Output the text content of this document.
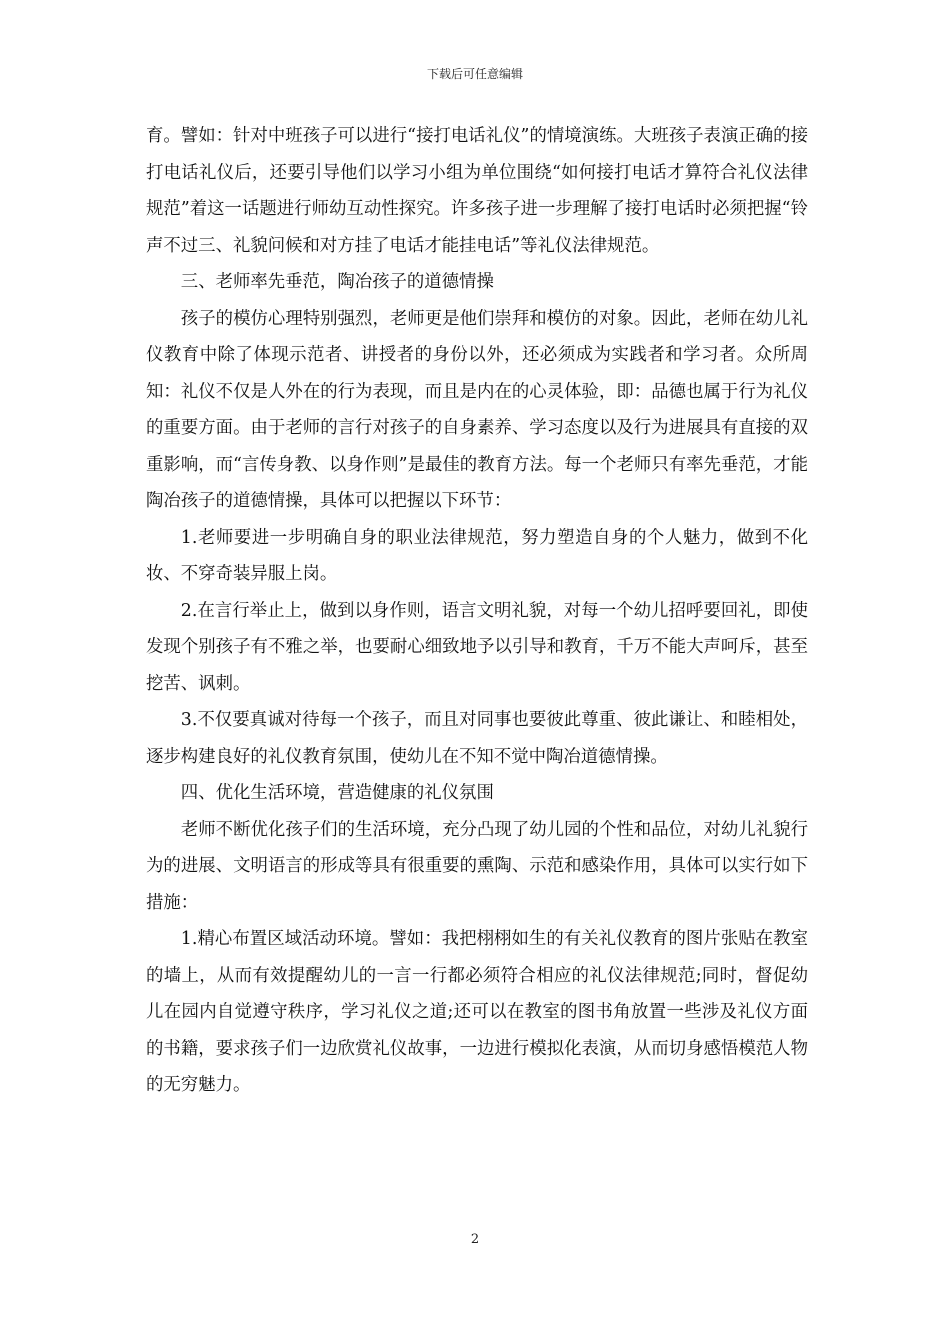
下载后可任意编辑

育。譬如：针对中班孩子可以进行“接打电话礼仪”的情境演练。大班孩子表演正确的接打电话礼仪后，还要引导他们以学习小组为单位围绕“如何接打电话才算符合礼仪法律规范”着这一话题进行师幼互动性探究。许多孩子进一步理解了接打电话时必须把握“铃声不过三、礼貌问候和对方挂了电话才能挂电话”等礼仪法律规范。

三、老师率先垂范，陶冶孩子的道德情操

孩子的模仿心理特别强烈，老师更是他们崇拜和模仿的对象。因此，老师在幼儿礼仪教育中除了体现示范者、讲授者的身份以外，还必须成为实践者和学习者。众所周知：礼仪不仅是人外在的行为表现，而且是内在的心灵体验，即：品德也属于行为礼仪的重要方面。由于老师的言行对孩子的自身素养、学习态度以及行为进展具有直接的双重影响，而“言传身教、以身作则”是最佳的教育方法。每一个老师只有率先垂范，才能陶冶孩子的道德情操，具体可以把握以下环节：

1.老师要进一步明确自身的职业法律规范，努力塑造自身的个人魅力，做到不化妆、不穿奇装异服上岗。

2.在言行举止上，做到以身作则，语言文明礼貌，对每一个幼儿招呼要回礼，即使发现个别孩子有不雅之举，也要耐心细致地予以引导和教育，千万不能大声呵斥，甚至挖苦、讽刺。

3.不仅要真诚对待每一个孩子，而且对同事也要彼此尊重、彼此谦让、和睦相处，逐步构建良好的礼仪教育氛围，使幼儿在不知不觉中陶冶道德情操。

四、优化生活环境，营造健康的礼仪氛围

老师不断优化孩子们的生活环境，充分凸现了幼儿园的个性和品位，对幼儿礼貌行为的进展、文明语言的形成等具有很重要的熏陶、示范和感染作用，具体可以实行如下措施：

1.精心布置区域活动环境。譬如：我把栩栩如生的有关礼仪教育的图片张贴在教室的墙上，从而有效提醒幼儿的一言一行都必须符合相应的礼仪法律规范;同时，督促幼儿在园内自觉遵守秩序，学习礼仪之道;还可以在教室的图书角放置一些涉及礼仪方面的书籍，要求孩子们一边欣赏礼仪故事，一边进行模拟化表演，从而切身感悟模范人物的无穷魅力。

2
